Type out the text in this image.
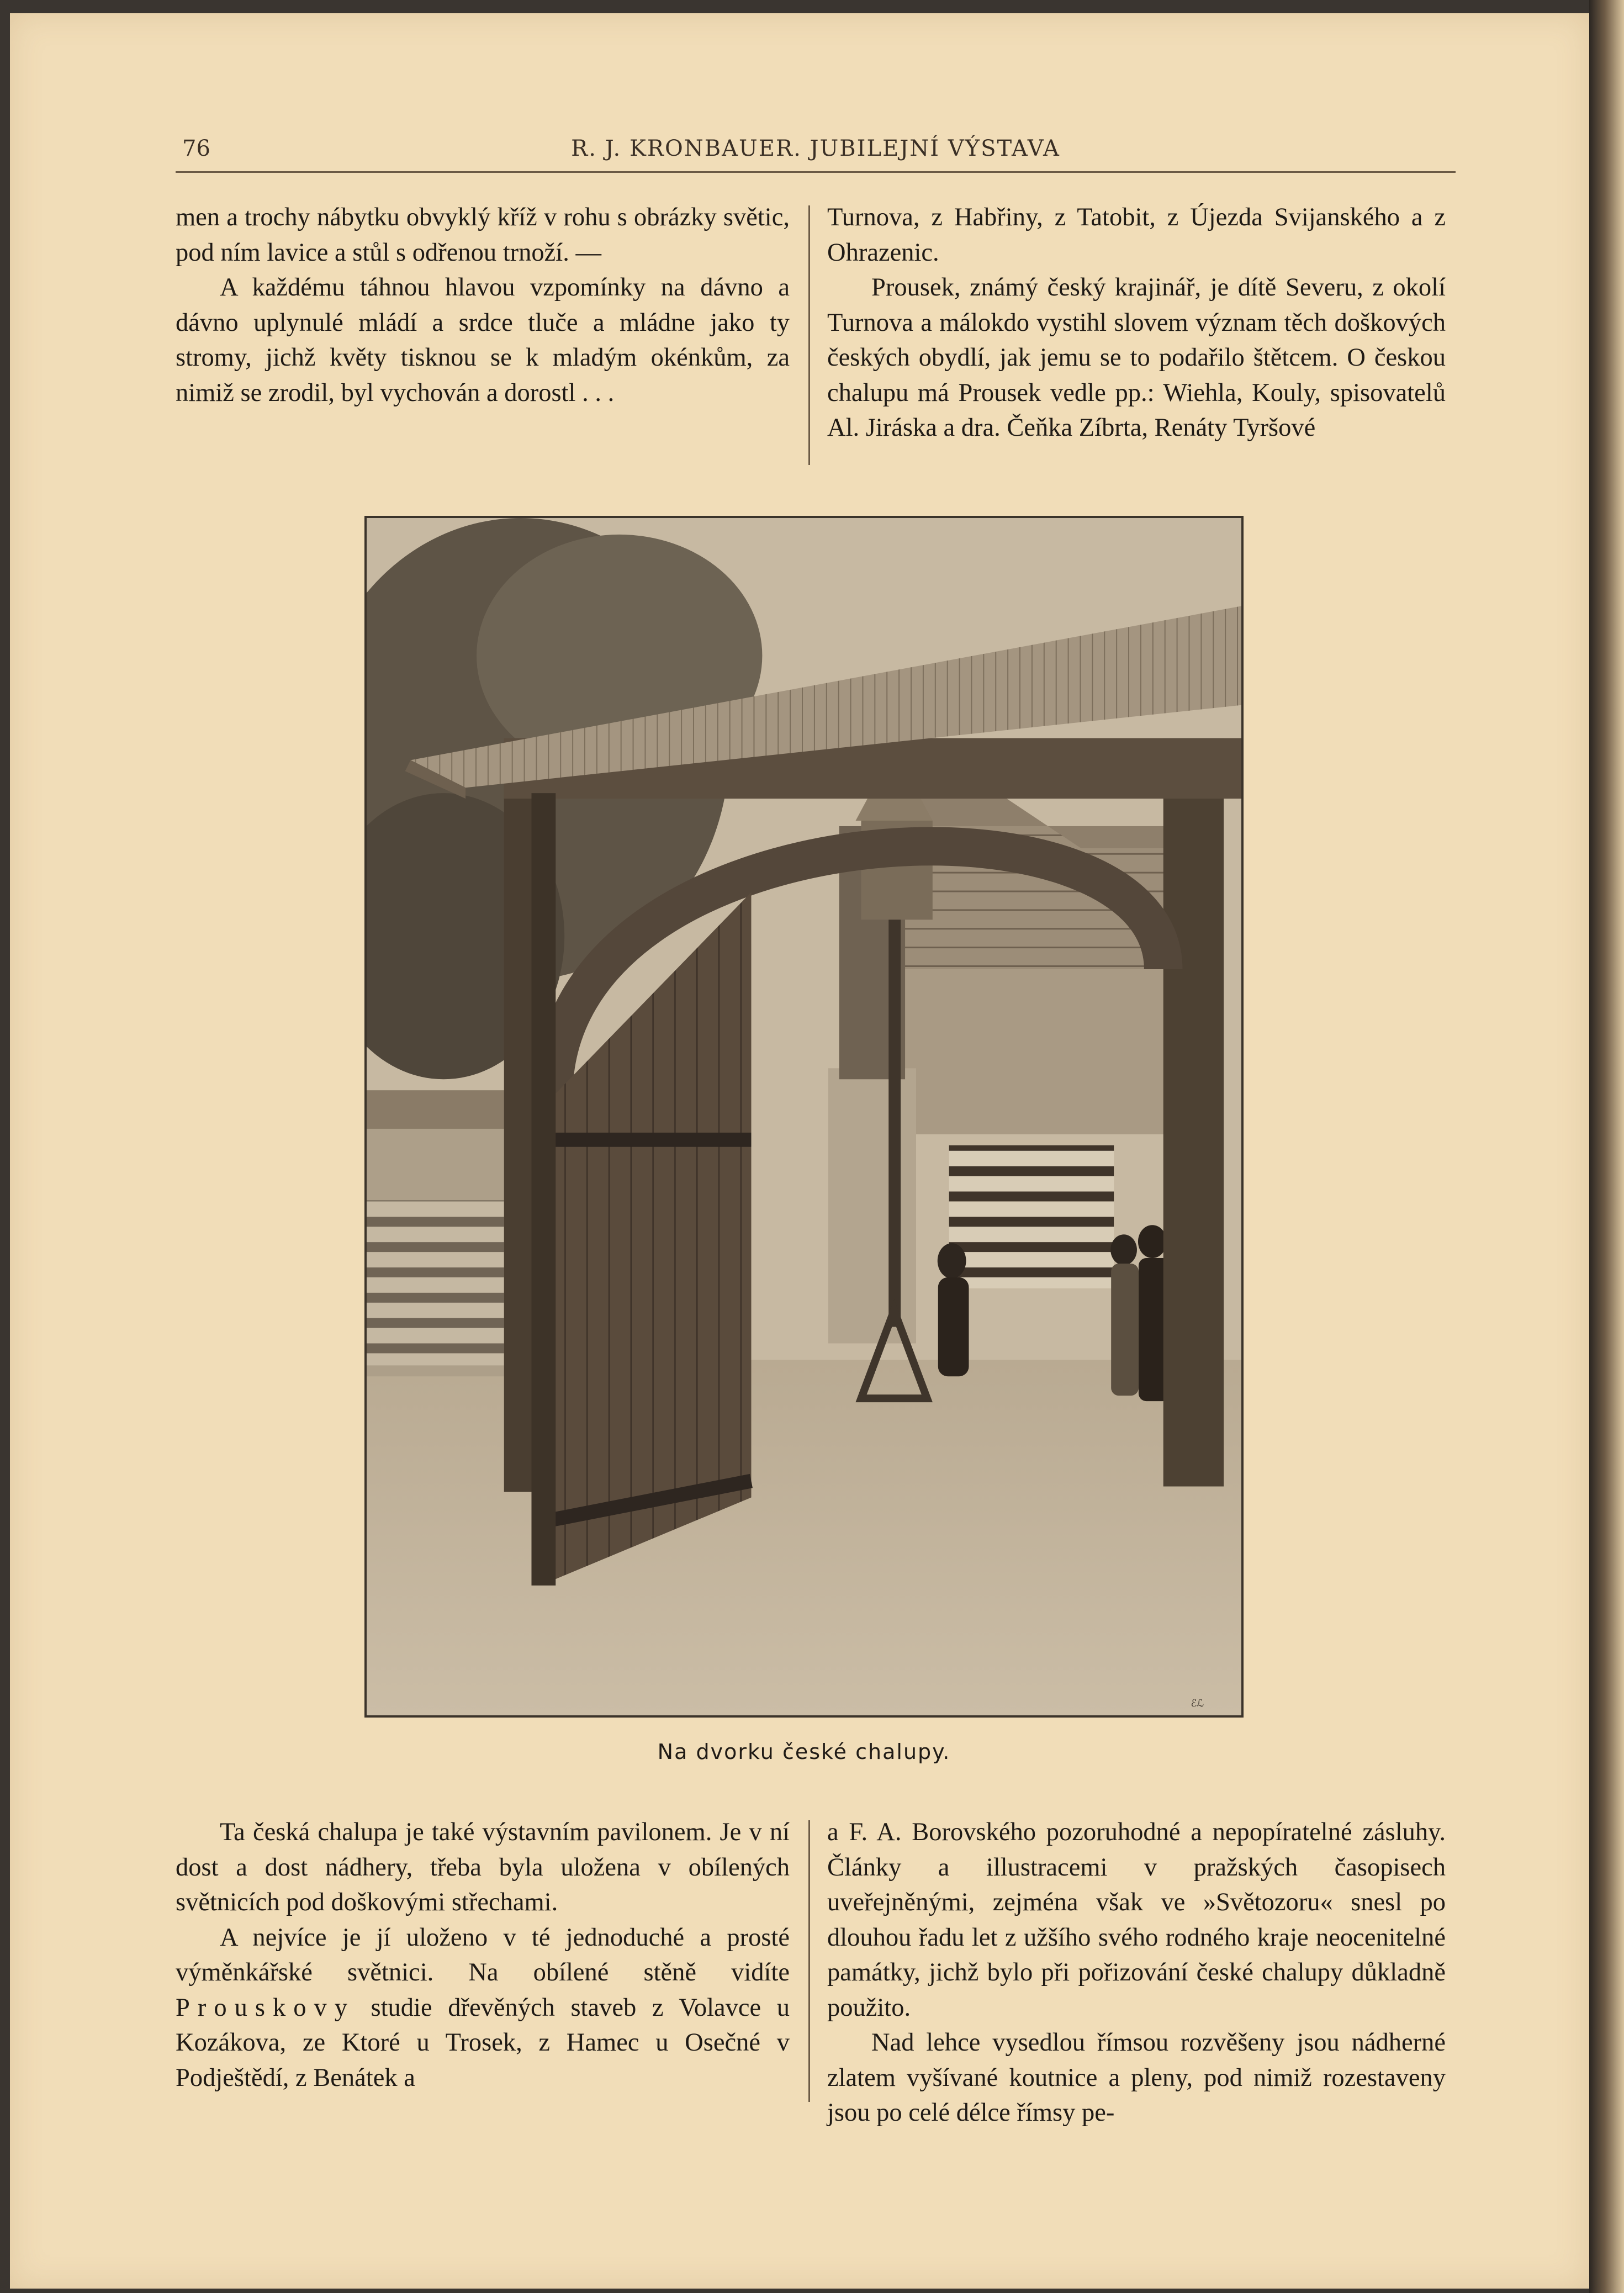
76	R. J. KRONBAUER. JUBILEJNÍ VÝSTAVA

men a trochy nábytku obvyklý kříž v rohu s obrázky světic, pod ním lavice a stůl s odřenou trnoží. —

A každému táhnou hlavou vzpomínky na dávno a dávno uplynulé mládí a srdce tluče a mládne jako ty stromy, jichž květy tisknou se k mladým okénkům, za nimiž se zrodil, byl vychován a dorostl . . .

Turnova, z Habřiny, z Tatobit, z Újezda Svijanského a z Ohrazenic.

Prousek, známý český krajinář, je dítě Severu, z okolí Turnova a málokdo vystihl slovem význam těch doškových českých obydlí, jak jemu se to podařilo štětcem. O českou chalupu má Prousek vedle pp.: Wiehla, Kouly, spisovatelů Al. Jiráska a dra. Čeňka Zíbrta, Renáty Tyršové

ℰℒ
Na dvorku české chalupy.

Ta česká chalupa je také výstavním pavilonem. Je v ní dost a dost nádhery, třeba byla uložena v obílených světnicích pod doškovými střechami.

A nejvíce je jí uloženo v té jednoduché a prosté výměnkářské světnici. Na obílené stěně vidíte Prouskovy studie dřevěných staveb z Volavce u Kozákova, ze Ktoré u Trosek, z Hamec u Osečné v Podještědí, z Benátek a

a F. A. Borovského pozoruhodné a nepopíratelné zásluhy. Články a illustracemi v pražských časopisech uveřejněnými, zejména však ve »Světozoru« snesl po dlouhou řadu let z užšího svého rodného kraje neocenitelné památky, jichž bylo při pořizování české chalupy důkladně použito.

Nad lehce vysedlou římsou rozvěšeny jsou nádherné zlatem vyšívané koutnice a pleny, pod nimiž rozestaveny jsou po celé délce římsy pe-
